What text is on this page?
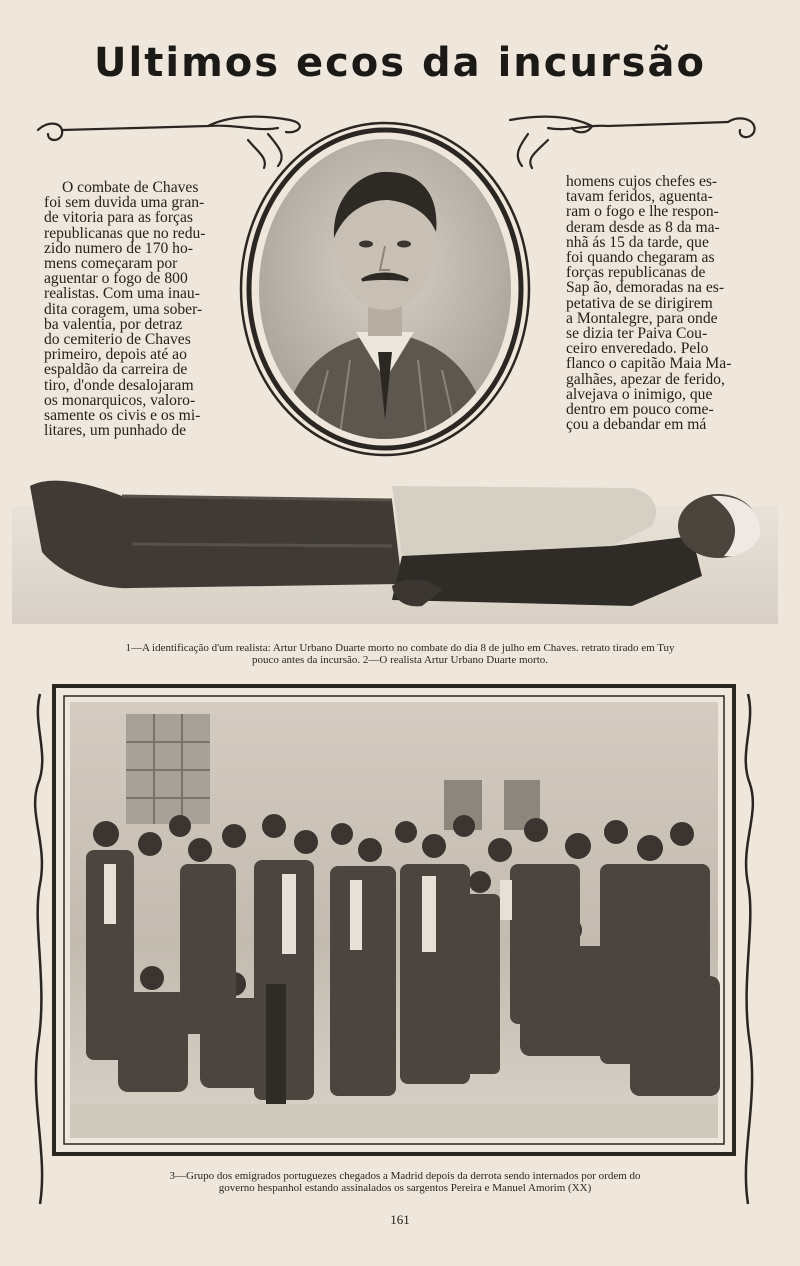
Ultimos ecos da incursão
O combate de Chaves
foi sem duvida uma gran-
de vitoria para as forças
republicanas que no redu-
zido numero de 170 ho-
mens começaram por
aguentar o fogo de 800
realistas. Com uma inau-
dita coragem, uma sober-
ba valentia, por detraz
do cemiterio de Chaves
primeiro, depois até ao
espaldão da carreira de
tiro, d'onde desalojaram
os monarquicos, valoro-
samente os civis e os mi-
litares, um punhado de
homens cujos chefes es-
tavam feridos, aguenta-
ram o fogo e lhe respon-
deram desde as 8 da ma-
nhã ás 15 da tarde, que
foi quando chegaram as
forças republicanas de
Sap ão, demoradas na es-
petativa de se dirigirem
a Montalegre, para onde
se dizia ter Paiva Cou-
ceiro enveredado. Pelo
flanco o capitão Maia Ma-
galhães, apezar de ferido,
alvejava o inimigo, que
dentro em pouco come-
çou a debandar em má
1—A identificação d'um realista: Artur Urbano Duarte morto no combate do dia 8 de julho em Chaves. retrato tirado em Tuy
pouco antes da incursão. 2—O realista Artur Urbano Duarte morto.
3—Grupo dos emigrados portuguezes chegados a Madrid depois da derrota sendo internados por ordem do
governo hespanhol estando assinalados os sargentos Pereira e Manuel Amorim (XX)
161
